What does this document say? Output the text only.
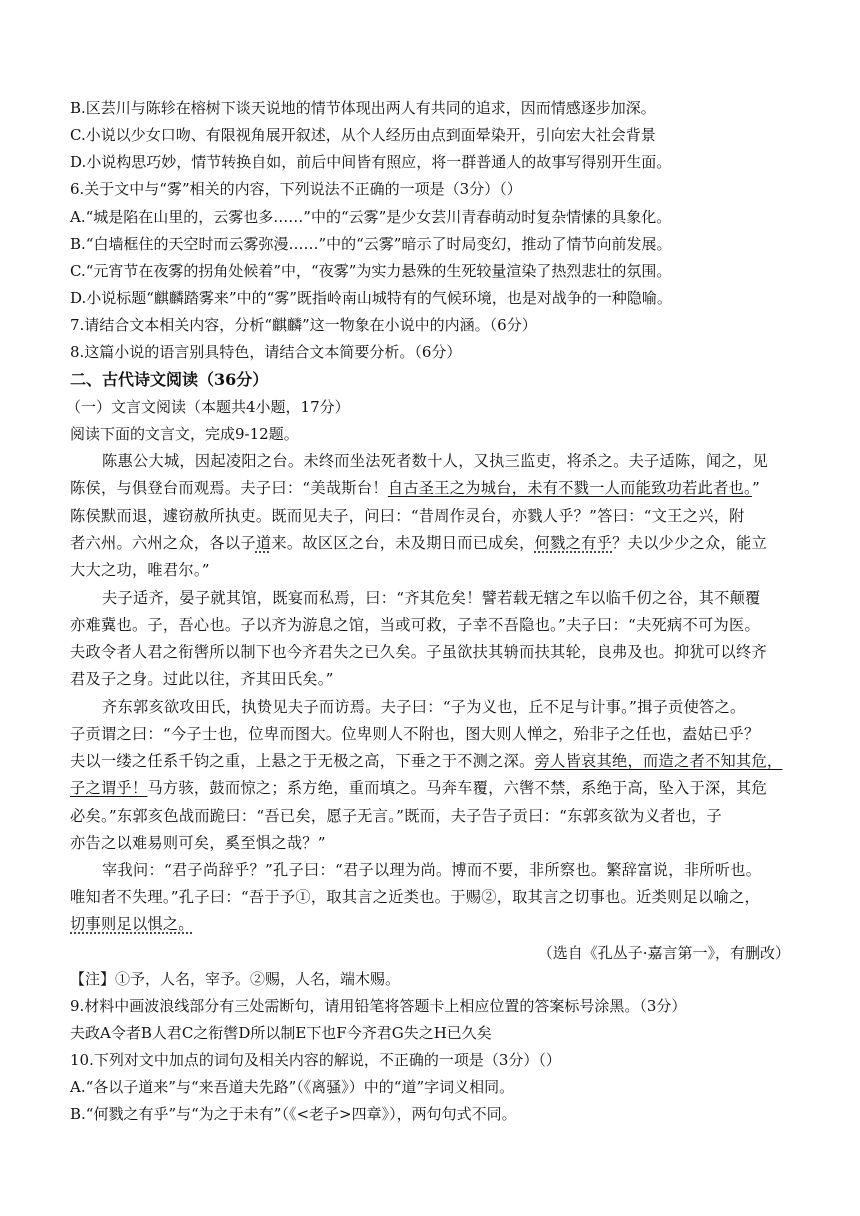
B.区芸川与陈轸在榕树下谈天说地的情节体现出两人有共同的追求，因而情感逐步加深。
C.小说以少女口吻、有限视角展开叙述，从个人经历由点到面晕染开，引向宏大社会背景
D.小说构思巧妙，情节转换自如，前后中间皆有照应，将一群普通人的故事写得别开生面。
6.关于文中与“雾”相关的内容，下列说法不正确的一项是（3分）（）
A.“城是陷在山里的，云雾也多……”中的“云雾”是少女芸川青春萌动时复杂情愫的具象化。
B.“白墙框住的天空时而云雾弥漫……”中的“云雾”暗示了时局变幻，推动了情节向前发展。
C.“元宵节在夜雾的拐角处候着”中，“夜雾”为实力悬殊的生死较量渲染了热烈悲壮的氛围。
D.小说标题“麒麟踏雾来”中的“雾”既指岭南山城特有的气候环境，也是对战争的一种隐喻。
7.请结合文本相关内容，分析“麒麟”这一物象在小说中的内涵。（6分）
8.这篇小说的语言别具特色，请结合文本简要分析。（6分）
二、古代诗文阅读（36分）
（一）文言文阅读（本题共4小题，17分）
阅读下面的文言文，完成9-12题。
陈惠公大城，因起凌阳之台。未终而坐法死者数十人，又执三监吏，将杀之。夫子适陈，闻之，见
陈侯，与俱登台而观焉。夫子曰：“美哉斯台！自古圣王之为城台，未有不戮一人而能致功若此者也。”
陈侯默而退，遽窃赦所执吏。既而见夫子，问曰：“昔周作灵台，亦戮人乎？”答曰：“文王之兴，附
者六州。六州之众，各以子道来。故区区之台，未及期日而已成矣，何戮之有乎？夫以少少之众，能立
大大之功，唯君尔。”
夫子适齐，晏子就其馆，既宴而私焉，曰：“齐其危矣！譬若载无辖之车以临千仞之谷，其不颠覆
亦难冀也。子，吾心也。子以齐为游息之馆，当或可救，子幸不吾隐也。”夫子曰：“夫死病不可为医。
夫政令者人君之衔辔所以制下也今齐君失之已久矣。子虽欲扶其辀而扶其轮，良弗及也。抑犹可以终齐
君及子之身。过此以往，齐其田氏矣。”
齐东郭亥欲攻田氏，执贽见夫子而访焉。夫子曰：“子为义也，丘不足与计事。”揖子贡使答之。
子贡谓之曰：“今子士也，位卑而图大。位卑则人不附也，图大则人惮之，殆非子之任也，盍姑已乎？
夫以一缕之任系千钧之重，上悬之于无极之高，下垂之于不测之深。旁人皆哀其绝，而造之者不知其危，
子之谓乎！马方骇，鼓而惊之；系方绝，重而填之。马奔车覆，六辔不禁，系绝于高，坠入于深，其危
必矣。”东郭亥色战而跪曰：“吾已矣，愿子无言。”既而，夫子告子贡曰：“东郭亥欲为义者也，子
亦告之以难易则可矣，奚至惧之哉？”
宰我问：“君子尚辞乎？”孔子曰：“君子以理为尚。博而不要，非所察也。繁辞富说，非所听也。
唯知者不失理。”孔子曰：“吾于予①，取其言之近类也。于赐②，取其言之切事也。近类则足以喻之，
切事则足以惧之。
（选自《孔丛子·嘉言第一》，有删改）
【注】①予，人名，宰予。②赐，人名，端木赐。
9.材料中画波浪线部分有三处需断句，请用铅笔将答题卡上相应位置的答案标号涂黑。（3分）
夫政A令者B人君C之衔辔D所以制E下也F今齐君G失之H已久矣
10.下列对文中加点的词句及相关内容的解说，不正确的一项是（3分）（）
A.“各以子道来”与“来吾道夫先路”（《离骚》）中的“道”字词义相同。
B.“何戮之有乎”与“为之于未有”（《<老子>四章》），两句句式不同。
